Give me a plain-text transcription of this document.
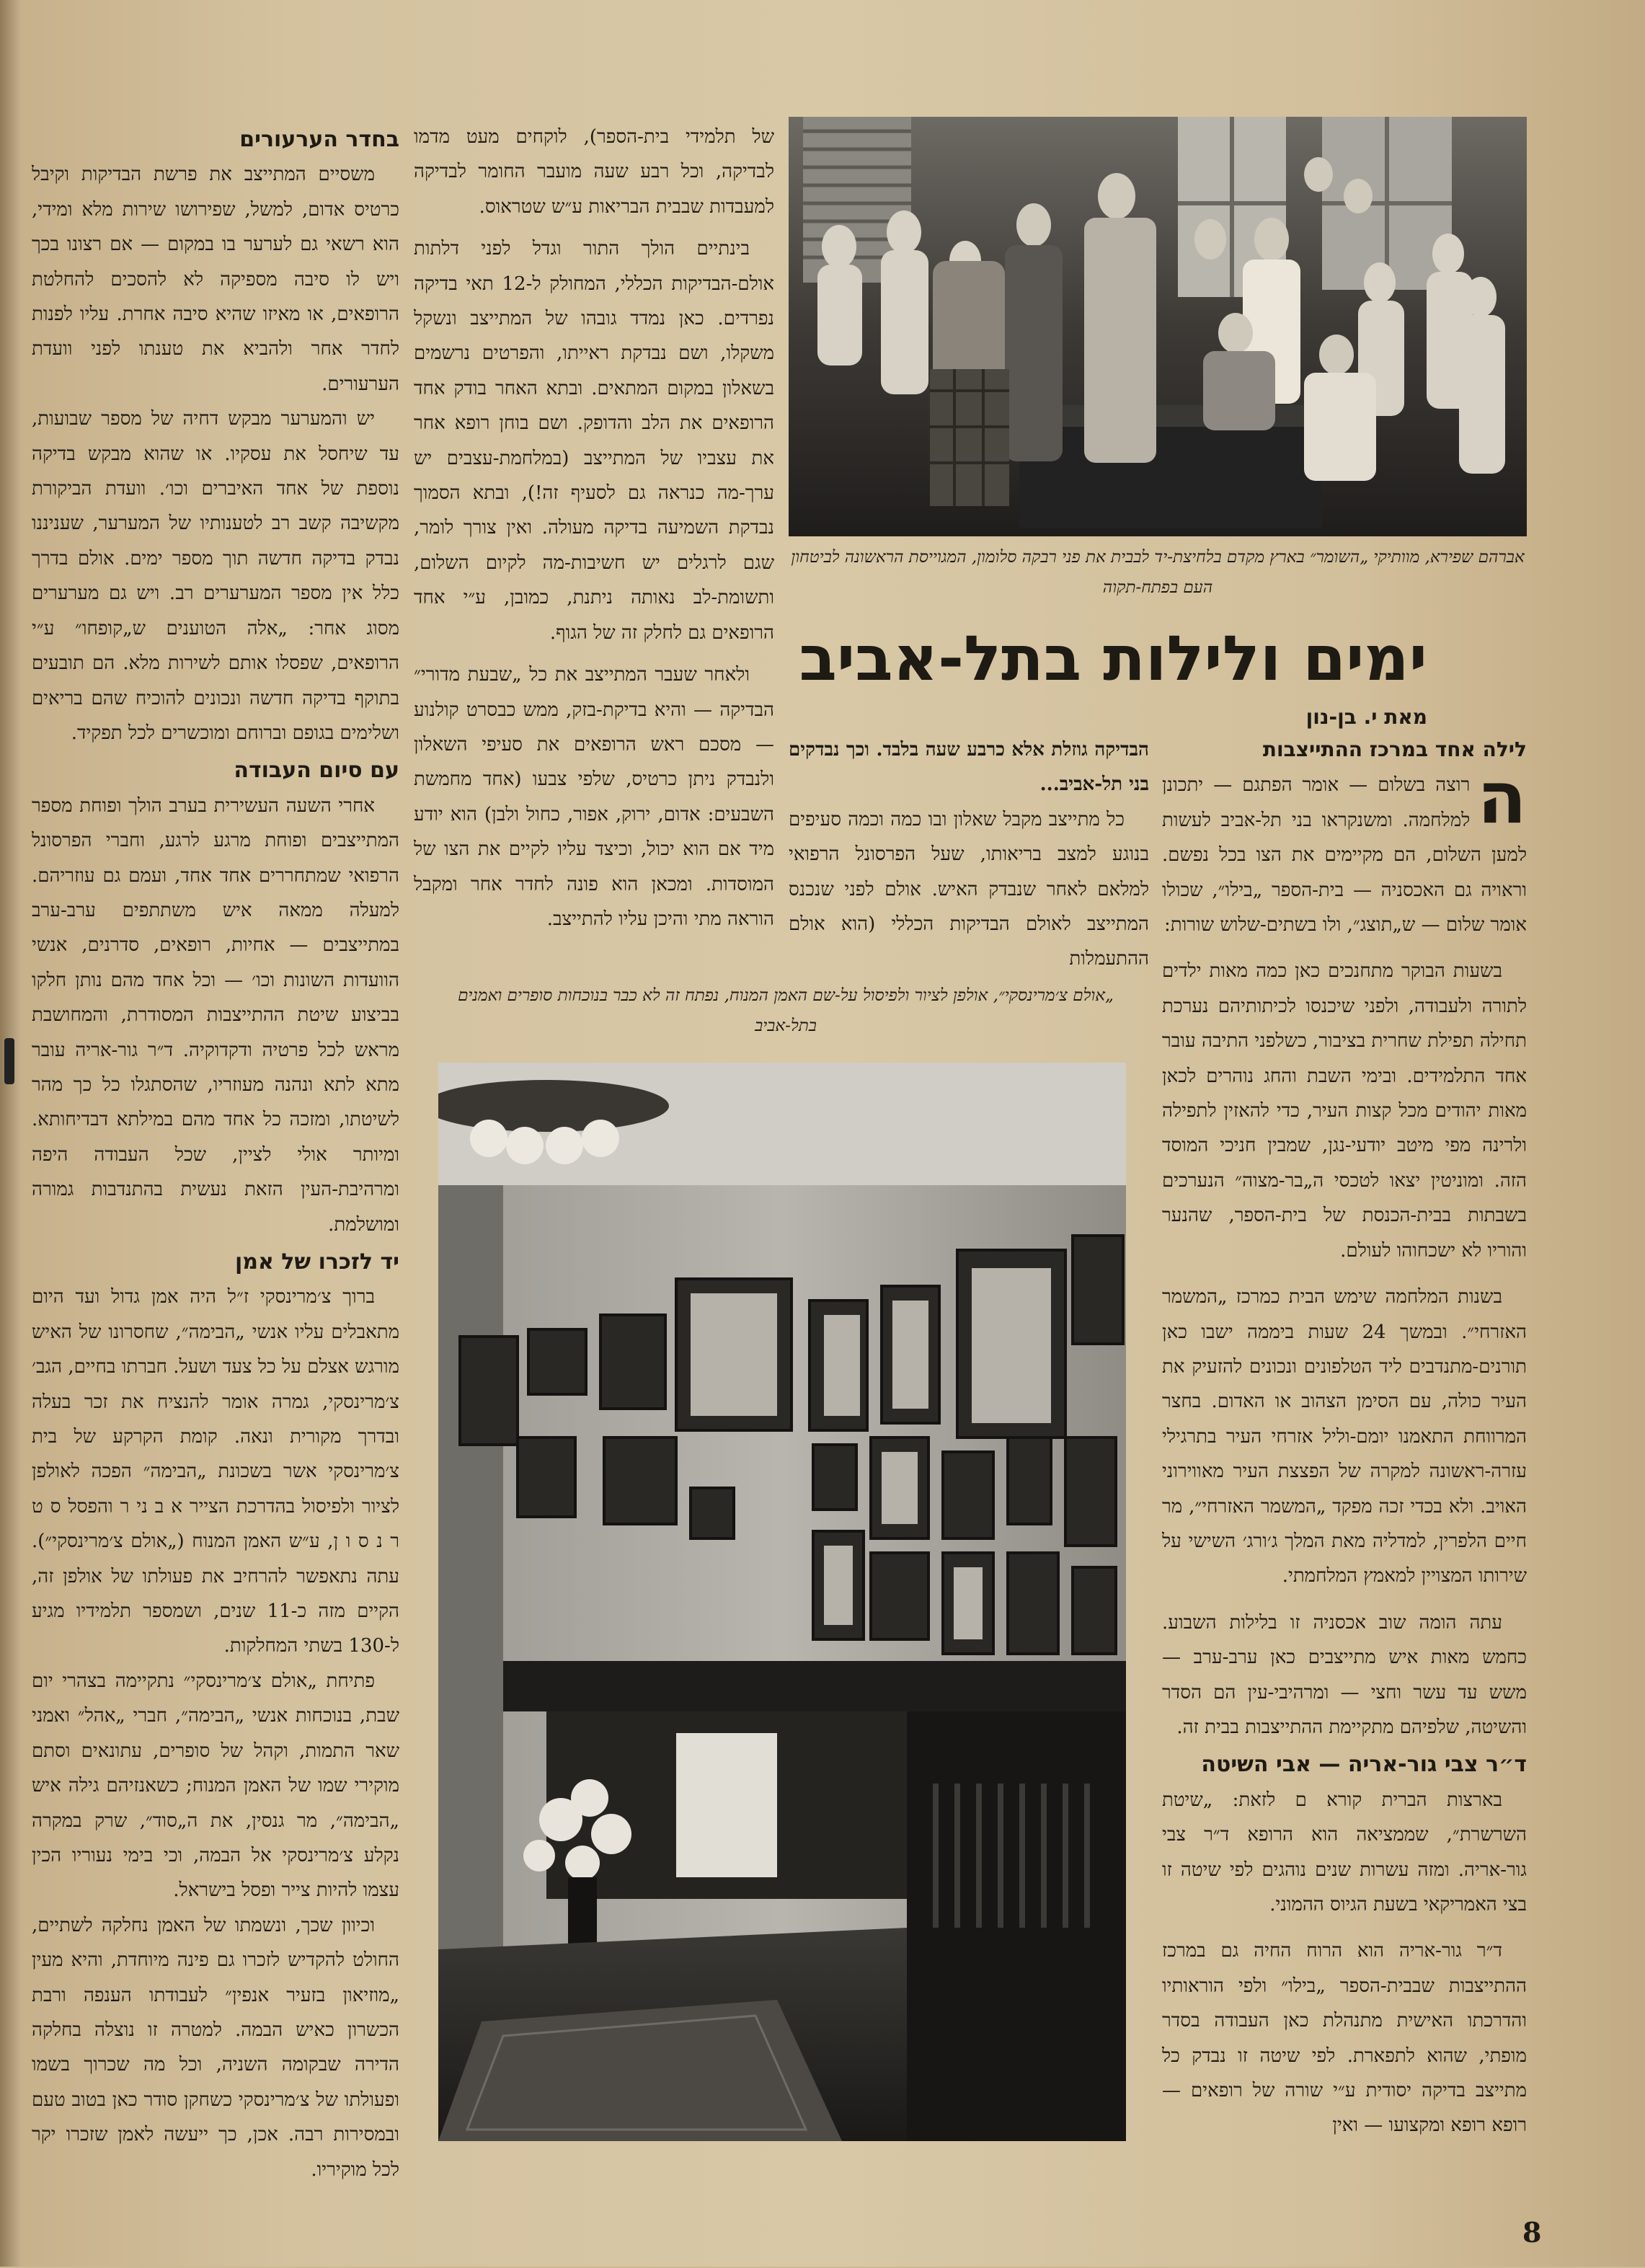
אברהם שפירא, מוותיקי „השומר״ בארץ מקדם בלחיצת-יד לבבית את פני רבקה סלומון, המגוייסת הראשונה לביטחון העם בפתח-תקוה
ימים ולילות בתל-אביב
מאת י. בן-נון

לילה אחד במרכז ההתייצבות

ה
רוצה בשלום — אומר הפתגם — יתכונן למלחמה. ומשנקראו בני תל-אביב לעשות למען השלום, הם מקיימים את הצו בכל נפשם. וראויה גם האכסניה — בית-הספר „בילו״, שכולו אומר שלום — ש„תוצג״, ולו בשתים-שלוש שורות:

בשעות הבוקר מתחנכים כאן כמה מאות ילדים לתורה ולעבודה, ולפני שיכנסו לכיתותיהם נערכת תחילה תפילת שחרית בציבור, כשלפני התיבה עובר אחד התלמידים. ובימי השבת והחג נוהרים לכאן מאות יהודים מכל קצות העיר, כדי להאזין לתפילה ולרינה מפי מיטב יודעי-נגן, שמבין חניכי המוסד הזה. ומוניטין יצאו לטכסי ה„בר-מצוה״ הנערכים בשבתות בבית-הכנסת של בית-הספר, שהנער והוריו לא ישכחוהו לעולם.

בשנות המלחמה שימש הבית כמרכז „המשמר האזרחי״. ובמשך 24 שעות ביממה ישבו כאן תורנים-מתנדבים ליד הטלפונים ונכונים להזעיק את העיר כולה, עם הסימן הצהוב או האדום. בחצר המרווחת התאמנו יומם-וליל אזרחי העיר בתרגילי עזרה-ראשונה למקרה של הפצצת העיר מאווירוני האויב. ולא בכדי זכה מפקד „המשמר האזרחי״, מר חיים הלפרין, למדליה מאת המלך ג׳ורג׳ השישי על שירותו המצויין למאמץ המלחמתי.

עתה הומה שוב אכסניה זו בלילות השבוע. כחמש מאות איש מתייצבים כאן ערב-ערב — משש עד עשר וחצי — ומרהיבי-עין הם הסדר והשיטה, שלפיהם מתקיימת ההתייצבות בבית זה.

ד״ר צבי גור-אריה — אבי השיטה

בארצות הברית קורא ם לזאת: „שיטת השרשרת״, שממציאה הוא הרופא ד״ר צבי גור-אריה. ומזה עשרות שנים נוהגים לפי שיטה זו בצי האמריקאי בשעת הגיוס ההמוני.

ד״ר גור-אריה הוא הרוח החיה גם במרכז ההתייצבות שבבית-הספר „בילו״ ולפי הוראותיו והדרכתו האישית מתנהלת כאן העבודה בסדר מופתי, שהוא לתפארת. לפי שיטה זו נבדק כל מתייצב בדיקה יסודית ע״י שורה של רופאים — רופא רופא ומקצועו — ואין

הבדיקה גוזלת אלא כרבע שעה בלבד. וכך נבדקים בני תל-אביב...

כל מתייצב מקבל שאלון ובו כמה וכמה סעיפים בנוגע למצב בריאותו, שעל הפרסונל הרפואי למלאם לאחר שנבדק האיש. אולם לפני שנכנס המתייצב לאולם הבדיקות הכללי (הוא אולם ההתעמלות

של תלמידי בית-הספר), לוקחים מעט מדמו לבדיקה, וכל רבע שעה מועבר החומר לבדיקה למעבדות שבבית הבריאות ע״ש שטראוס.

בינתיים הולך התור וגדל לפני דלתות אולם-הבדיקות הכללי, המחולק ל-12 תאי בדיקה נפרדים. כאן נמדד גובהו של המתייצב ונשקל משקלו, ושם נבדקת ראייתו, והפרטים נרשמים בשאלון במקום המתאים. ובתא האחר בודק אחד הרופאים את הלב והדופק. ושם בוחן רופא אחר את עצביו של המתייצב (במלחמת-עצבים יש ערך-מה כנראה גם לסעיף זה!), ובתא הסמוך נבדקת השמיעה בדיקה מעולה. ואין צורך לומר, שגם לרגלים יש חשיבות-מה לקיום השלום, ותשומת-לב נאותה ניתנת, כמובן, ע״י אחד הרופאים גם לחלק זה של הגוף.

ולאחר שעבר המתייצב את כל „שבעת מדורי״ הבדיקה — והיא בדיקת-בזק, ממש כבסרט קולנוע — מסכם ראש הרופאים את סעיפי השאלון ולנבדק ניתן כרטיס, שלפי צבעו (אחד מחמשת השבעים: אדום, ירוק, אפור, כחול ולבן) הוא יודע מיד אם הוא יכול, וכיצד עליו לקיים את הצו של המוסדות. ומכאן הוא פונה לחדר אחר ומקבל הוראה מתי והיכן עליו להתייצב.

בחדר הערעורים

משסיים המתייצב את פרשת הבדיקות וקיבל כרטיס אדום, למשל, שפירושו שירות מלא ומידי, הוא רשאי גם לערער בו במקום — אם רצונו בכך ויש לו סיבה מספיקה לא להסכים להחלטת הרופאים, או מאיזו שהיא סיבה אחרת. עליו לפנות לחדר אחר ולהביא את טענתו לפני וועדת הערעורים.

יש והמערער מבקש דחיה של מספר שבועות, עד שיחסל את עסקיו. או שהוא מבקש בדיקה נוספת של אחד האיברים וכו׳. וועדת הביקורת מקשיבה קשב רב לטענותיו של המערער, שעניננו נבדק בדיקה חדשה תוך מספר ימים. אולם בדרך כלל אין מספר המערערים רב. ויש גם מערערים מסוג אחר: „אלה הטוענים ש„קופחו״ ע״י הרופאים, שפסלו אותם לשירות מלא. הם תובעים בתוקף בדיקה חדשה ונכונים להוכיח שהם בריאים ושלימים בגופם וברוחם ומוכשרים לכל תפקיד.

עם סיום העבודה

אחרי השעה העשירית בערב הולך ופוחת מספר המתייצבים ופוחת מרגע לרגע, וחברי הפרסונל הרפואי שמתחררים אחד אחד, ועמם גם עוזריהם. למעלה ממאה איש משתתפים ערב-ערב במתייצבים — אחיות, רופאים, סדרנים, אנשי הוועדות השונות וכו׳ — וכל אחד מהם נותן חלקו בביצוע שיטת ההתייצבות המסודרת, והמחושבת מראש לכל פרטיה ודקדוקיה. ד״ר גור-אריה עובר מתא לתא ונהנה מעוזריו, שהסתגלו כל כך מהר לשיטתו, ומזכה כל אחד מהם במילתא דבדיחותא. ומיותר אולי לציין, שכל העבודה היפה ומרהיבת-העין הזאת נעשית בהתנדבות גמורה ומושלמת.

יד לזכרו של אמן

ברוך צ׳מרינסקי ז״ל היה אמן גדול ועד היום מתאבלים עליו אנשי „הבימה״, שחסרונו של האיש מורגש אצלם על כל צעד ושעל. חברתו בחיים, הגב׳ צ׳מרינסקי, גמרה אומר להנציח את זכר בעלה ובדרך מקורית ונאה. קומת הקרקע של בית צ׳מרינסקי אשר בשכונת „הבימה״ הפכה לאולפן לציור ולפיסול בהדרכת הצייר א ב ני ר והפסל ס ט ר נ ס ו ן, ע״ש האמן המנוח („אולם צ׳מרינסקי״). עתה נתאפשר להרחיב את פעולתו של אולפן זה, הקיים מזה כ-11 שנים, ושמספר תלמידיו מגיע ל-130 בשתי המחלקות.

פתיחת „אולם צ׳מרינסקי״ נתקיימה בצהרי יום שבת, בנוכחות אנשי „הבימה״, חברי „אהל״ ואמני שאר התמות, וקהל של סופרים, עתונאים וסתם מוקירי שמו של האמן המנוח; כשאנזיהם גילה איש „הבימה״, מר גנסין, את ה„סוד״, שרק במקרה נקלע צ׳מרינסקי אל הבמה, וכי בימי נעוריו הכין עצמו להיות צייר ופסל בישראל.

וכיוון שכך, ונשמתו של האמן נחלקה לשתיים, החולט להקדיש לזכרו גם פינה מיוחדת, והיא מעין „מוזיאון בזעיר אנפין״ לעבודתו הענפה ורבת הכשרון כאיש הבמה. למטרה זו נוצלה בחלקה הדירה שבקומה השניה, וכל מה שכרוך בשמו ופעולתו של צ׳מרינסקי כשחקן סודר כאן בטוב טעם ובמסירות רבה. אכן, כך ייעשה לאמן שזכרו יקר לכל מוקיריו.

„אולם צ׳מרינסקי״, אולפן לציור ולפיסול על-שם האמן המנוח, נפתח זה לא כבר בנוכחות סופרים ואמנים בתל-אביב
8
